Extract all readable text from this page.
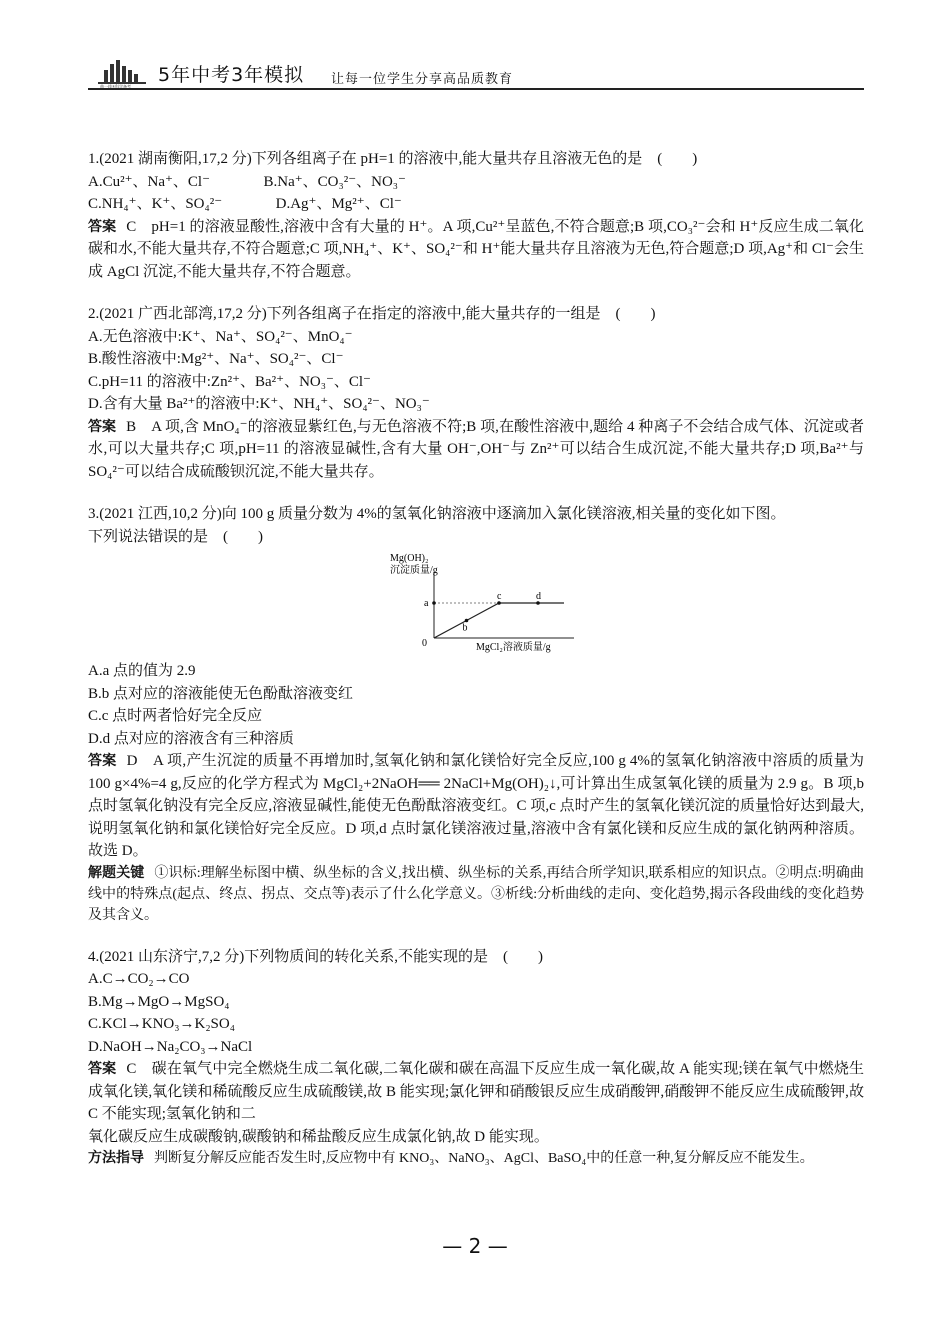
曲一线®科学备考
5年中考3年模拟 让每一位学生分享高品质教育
1.(2021 湖南衡阳,17,2 分)下列各组离子在 pH=1 的溶液中,能大量共存且溶液无色的是　(　　)
A.Cu²⁺、Na⁺、Cl⁻	B.Na⁺、CO₃²⁻、NO₃⁻
C.NH₄⁺、K⁺、SO₄²⁻	D.Ag⁺、Mg²⁺、Cl⁻
答案 C　pH=1 的溶液显酸性,溶液中含有大量的 H⁺。A 项,Cu²⁺呈蓝色,不符合题意;B 项,CO₃²⁻会和 H⁺反应生成二氧化碳和水,不能大量共存,不符合题意;C 项,NH₄⁺、K⁺、SO₄²⁻和 H⁺能大量共存且溶液为无色,符合题意;D 项,Ag⁺和 Cl⁻会生成 AgCl 沉淀,不能大量共存,不符合题意。
2.(2021 广西北部湾,17,2 分)下列各组离子在指定的溶液中,能大量共存的一组是　(　　)
A.无色溶液中:K⁺、Na⁺、SO₄²⁻、MnO₄⁻
B.酸性溶液中:Mg²⁺、Na⁺、SO₄²⁻、Cl⁻
C.pH=11 的溶液中:Zn²⁺、Ba²⁺、NO₃⁻、Cl⁻
D.含有大量 Ba²⁺的溶液中:K⁺、NH₄⁺、SO₄²⁻、NO₃⁻
答案 B　A 项,含 MnO₄⁻的溶液显紫红色,与无色溶液不符;B 项,在酸性溶液中,题给 4 种离子不会结合成气体、沉淀或者水,可以大量共存;C 项,pH=11 的溶液显碱性,含有大量 OH⁻,OH⁻与 Zn²⁺可以结合生成沉淀,不能大量共存;D 项,Ba²⁺与 SO₄²⁻可以结合成硫酸钡沉淀,不能大量共存。
3.(2021 江西,10,2 分)向 100 g 质量分数为 4%的氢氧化钠溶液中逐滴加入氯化镁溶液,相关量的变化如下图。
下列说法错误的是　(　　)
Mg(OH)₂
沉淀质量/g
MgCl₂溶液质量/g
0
a
b
c	d
A.a 点的值为 2.9
B.b 点对应的溶液能使无色酚酞溶液变红
C.c 点时两者恰好完全反应
D.d 点对应的溶液含有三种溶质
答案 D　A 项,产生沉淀的质量不再增加时,氢氧化钠和氯化镁恰好完全反应,100 g 4%的氢氧化钠溶液中溶质的质量为 100 g×4%=4 g,反应的化学方程式为 MgCl₂+2NaOH══ 2NaCl+Mg(OH)₂↓,可计算出生成氢氧化镁的质量为 2.9 g。B 项,b 点时氢氧化钠没有完全反应,溶液显碱性,能使无色酚酞溶液变红。C 项,c 点时产生的氢氧化镁沉淀的质量恰好达到最大,说明氢氧化钠和氯化镁恰好完全反应。D 项,d 点时氯化镁溶液过量,溶液中含有氯化镁和反应生成的氯化钠两种溶质。故选 D。
解题关键 ①识标:理解坐标图中横、纵坐标的含义,找出横、纵坐标的关系,再结合所学知识,联系相应的知识点。②明点:明确曲线中的特殊点(起点、终点、拐点、交点等)表示了什么化学意义。③析线:分析曲线的走向、变化趋势,揭示各段曲线的变化趋势及其含义。
4.(2021 山东济宁,7,2 分)下列物质间的转化关系,不能实现的是　(　　)
A.C→CO₂→CO
B.Mg→MgO→MgSO₄
C.KCl→KNO₃→K₂SO₄
D.NaOH→Na₂CO₃→NaCl
答案 C　碳在氧气中完全燃烧生成二氧化碳,二氧化碳和碳在高温下反应生成一氧化碳,故 A 能实现;镁在氧气中燃烧生成氧化镁,氧化镁和稀硫酸反应生成硫酸镁,故 B 能实现;氯化钾和硝酸银反应生成硝酸钾,硝酸钾不能反应生成硫酸钾,故 C 不能实现;氢氧化钠和二
氧化碳反应生成碳酸钠,碳酸钠和稀盐酸反应生成氯化钠,故 D 能实现。
方法指导 判断复分解反应能否发生时,反应物中有 KNO₃、NaNO₃、AgCl、BaSO₄中的任意一种,复分解反应不能发生。
— 2 —
